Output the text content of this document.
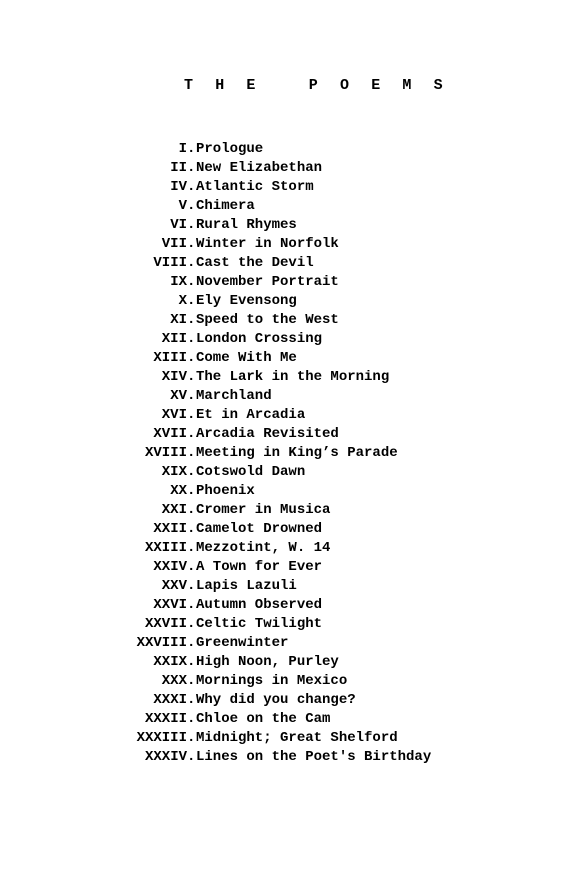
T H E   P O E M S
I . Prologue
II . New Elizabethan
IV . Atlantic Storm
V . Chimera
VI . Rural Rhymes
VII . Winter in Norfolk
VIII . Cast the Devil
IX . November Portrait
X . Ely Evensong
XI . Speed to the West
XII . London Crossing
XIII . Come With Me
XIV . The Lark in the Morning
XV . Marchland
XVI . Et in Arcadia
XVII . Arcadia Revisited
XVIII . Meeting in King’s Parade
XIX . Cotswold Dawn
XX . Phoenix
XXI . Cromer in Musica
XXII . Camelot Drowned
XXIII . Mezzotint, W. 14
XXIV . A Town for Ever
XXV . Lapis Lazuli
XXVI . Autumn Observed
XXVII . Celtic Twilight
XXVIII . Greenwinter
XXIX . High Noon, Purley
XXX . Mornings in Mexico
XXXI . Why did you change?
XXXII . Chloe on the Cam
XXXIII . Midnight; Great Shelford
XXXIV . Lines on the Poet's Birthday
